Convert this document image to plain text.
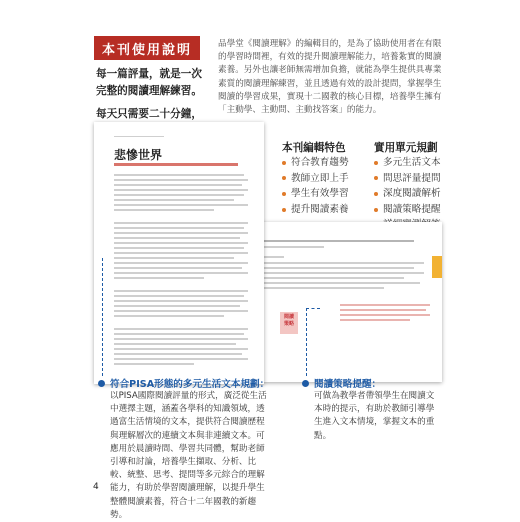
本刊使用說明
每一篇評量，就是一次
完整的閱讀理解練習。
每天只需要二十分鐘，
品學堂《閱讀理解》的編輯目的，是為了協助使用者在有限的學習時間裡，有效的提升閱讀理解能力，培養紮實的閱讀素養。另外也讓老師無需增加負擔，就能為學生提供具專業素質的閱讀理解練習，並且透過有效的設計提問，掌握學生閱讀的學習成果，實現十二國教的核心目標，培養學生擁有「主動學、主動問、主動找答案」的能力。
本刊編輯特色
符合教育趨勢
教師立即上手
學生有效學習
提升閱讀素養
實用單元規劃
多元生活文本
問思評量提問
深度閱讀解析
閱讀策略提醒
閱讀
策略
悲慘世界
符合PISA形態的多元生活文本規劃：
以PISA國際閱讀評量的形式，廣泛從生活中選擇主題，涵蓋各學科的知識領域，透過富生活情境的文本，提供符合閱讀歷程與理解層次的連續文本與非連續文本。可應用於晨讀時間、學習共同體，幫助老師引導和討論，培養學生擷取、分析、比較、統整、思考、提問等多元綜合的理解能力，有助於學習閱讀理解，以提升學生整體閱讀素養，符合十二年國教的新趨勢。
閱讀策略提醒：
可做為教學者帶領學生在閱讀文本時的提示，有助於教師引導學生進入文本情境，掌握文本的重點。
4
